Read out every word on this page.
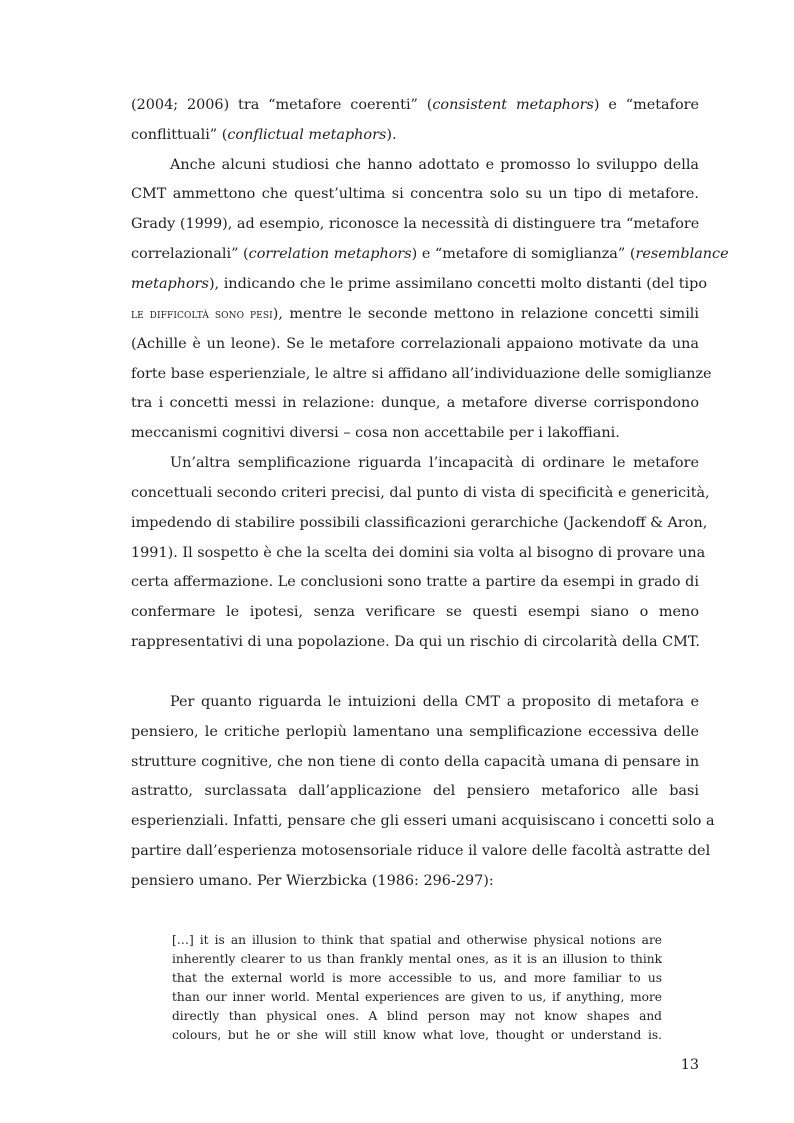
(2004; 2006) tra “metafore coerenti” (consistent metaphors) e “metafore
conflittuali” (conflictual metaphors).
Anche alcuni studiosi che hanno adottato e promosso lo sviluppo della
CMT ammettono che quest’ultima si concentra solo su un tipo di metafore.
Grady (1999), ad esempio, riconosce la necessità di distinguere tra “metafore
correlazionali” (correlation metaphors) e “metafore di somiglianza” (resemblance
metaphors), indicando che le prime assimilano concetti molto distanti (del tipo
le difficoltà sono pesi), mentre le seconde mettono in relazione concetti simili
(Achille è un leone). Se le metafore correlazionali appaiono motivate da una
forte base esperienziale, le altre si affidano all’individuazione delle somiglianze
tra i concetti messi in relazione: dunque, a metafore diverse corrispondono
meccanismi cognitivi diversi – cosa non accettabile per i lakoffiani.
Un’altra semplificazione riguarda l’incapacità di ordinare le metafore
concettuali secondo criteri precisi, dal punto di vista di specificità e genericità,
impedendo di stabilire possibili classificazioni gerarchiche (Jackendoff & Aron,
1991). Il sospetto è che la scelta dei domini sia volta al bisogno di provare una
certa affermazione. Le conclusioni sono tratte a partire da esempi in grado di
confermare le ipotesi, senza verificare se questi esempi siano o meno
rappresentativi di una popolazione. Da qui un rischio di circolarità della CMT.
Per quanto riguarda le intuizioni della CMT a proposito di metafora e
pensiero, le critiche perlopiù lamentano una semplificazione eccessiva delle
strutture cognitive, che non tiene di conto della capacità umana di pensare in
astratto, surclassata dall’applicazione del pensiero metaforico alle basi
esperienziali. Infatti, pensare che gli esseri umani acquisiscano i concetti solo a
partire dall’esperienza motosensoriale riduce il valore delle facoltà astratte del
pensiero umano. Per Wierzbicka (1986: 296-297):
[…] it is an illusion to think that spatial and otherwise physical notions are
inherently clearer to us than frankly mental ones, as it is an illusion to think
that the external world is more accessible to us, and more familiar to us
than our inner world. Mental experiences are given to us, if anything, more
directly than physical ones. A blind person may not know shapes and
colours, but he or she will still know what love, thought or understand is.
13
